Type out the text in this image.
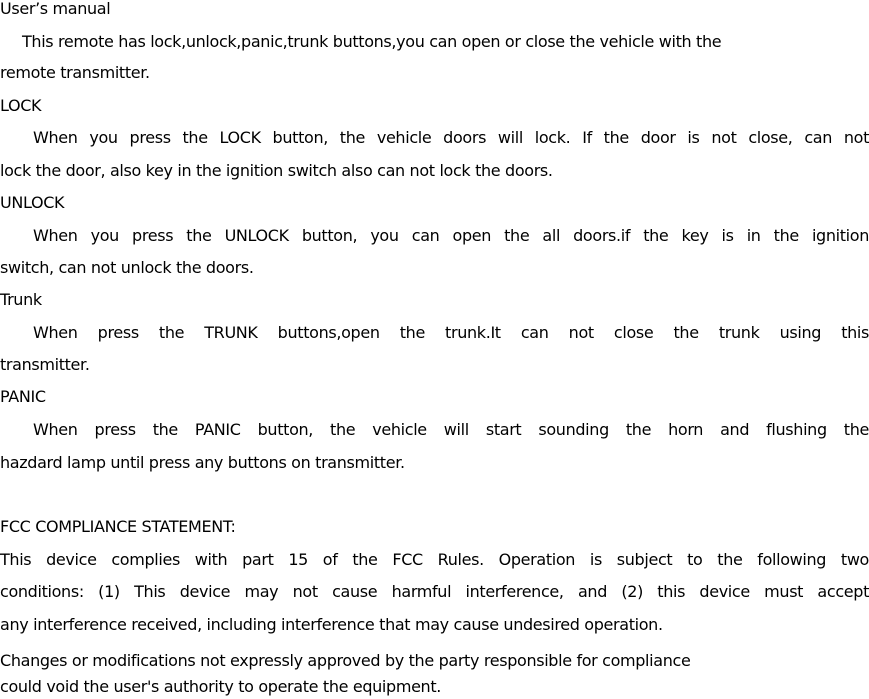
User’s manual

This remote has lock,unlock,panic,trunk buttons,you can open or close the vehicle with the

remote transmitter.

LOCK

When you press the LOCK button, the vehicle doors will lock. If the door is not close, can not

lock the door, also key in the ignition switch also can not lock the doors.

UNLOCK

When you press the UNLOCK button, you can open the all doors.if the key is in the ignition

switch, can not unlock the doors.

Trunk

When press the TRUNK buttons,open the trunk.It can not close the trunk using this

transmitter.

PANIC

When press the PANIC button, the vehicle will start sounding the horn and flushing the

hazdard lamp until press any buttons on transmitter.

FCC COMPLIANCE STATEMENT:

This device complies with part 15 of the FCC Rules. Operation is subject to the following two

conditions: (1) This device may not cause harmful interference, and (2) this device must accept

any interference received, including interference that may cause undesired operation.

Changes or modifications not expressly approved by the party responsible for compliance

could void the user's authority to operate the equipment.
